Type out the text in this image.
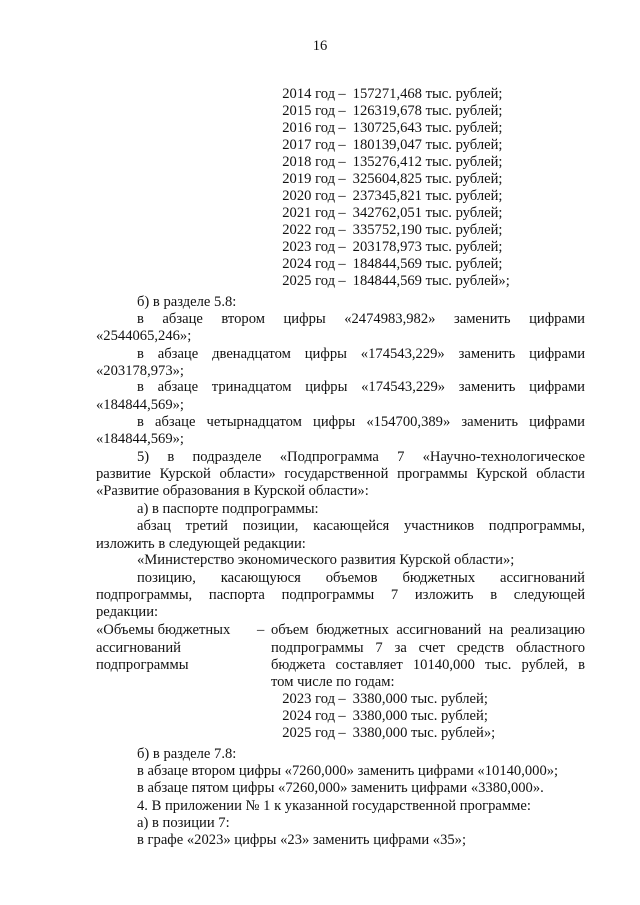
16
2014 год – 157271,468 тыс. рублей;
2015 год – 126319,678 тыс. рублей;
2016 год – 130725,643 тыс. рублей;
2017 год – 180139,047 тыс. рублей;
2018 год – 135276,412 тыс. рублей;
2019 год – 325604,825 тыс. рублей;
2020 год – 237345,821 тыс. рублей;
2021 год – 342762,051 тыс. рублей;
2022 год – 335752,190 тыс. рублей;
2023 год – 203178,973 тыс. рублей;
2024 год – 184844,569 тыс. рублей;
2025 год – 184844,569 тыс. рублей»;
б) в разделе 5.8:
в абзаце втором цифры «2474983,982» заменить цифрами
«2544065,246»;
в абзаце двенадцатом цифры «174543,229» заменить цифрами
«203178,973»;
в абзаце тринадцатом цифры «174543,229» заменить цифрами
«184844,569»;
в абзаце четырнадцатом цифры «154700,389» заменить цифрами
«184844,569»;
5) в подразделе «Подпрограмма 7 «Научно-технологическое
развитие Курской области» государственной программы Курской области
«Развитие образования в Курской области»:
а) в паспорте подпрограммы:
абзац третий позиции, касающейся участников подпрограммы,
изложить в следующей редакции:
«Министерство экономического развития Курской области»;
позицию, касающуюся объемов бюджетных ассигнований
подпрограммы, паспорта подпрограммы 7 изложить в следующей
редакции:
«Объемы бюджетных
ассигнований
подпрограммы
– объем бюджетных ассигнований на реализацию
подпрограммы 7 за счет средств областного
бюджета составляет 10140,000 тыс. рублей, в
том числе по годам:
2023 год – 3380,000 тыс. рублей;
2024 год – 3380,000 тыс. рублей;
2025 год – 3380,000 тыс. рублей»;
б) в разделе 7.8:
в абзаце втором цифры «7260,000» заменить цифрами «10140,000»;
в абзаце пятом цифры «7260,000» заменить цифрами «3380,000».
4. В приложении № 1 к указанной государственной программе:
а) в позиции 7:
в графе «2023» цифры «23» заменить цифрами «35»;
